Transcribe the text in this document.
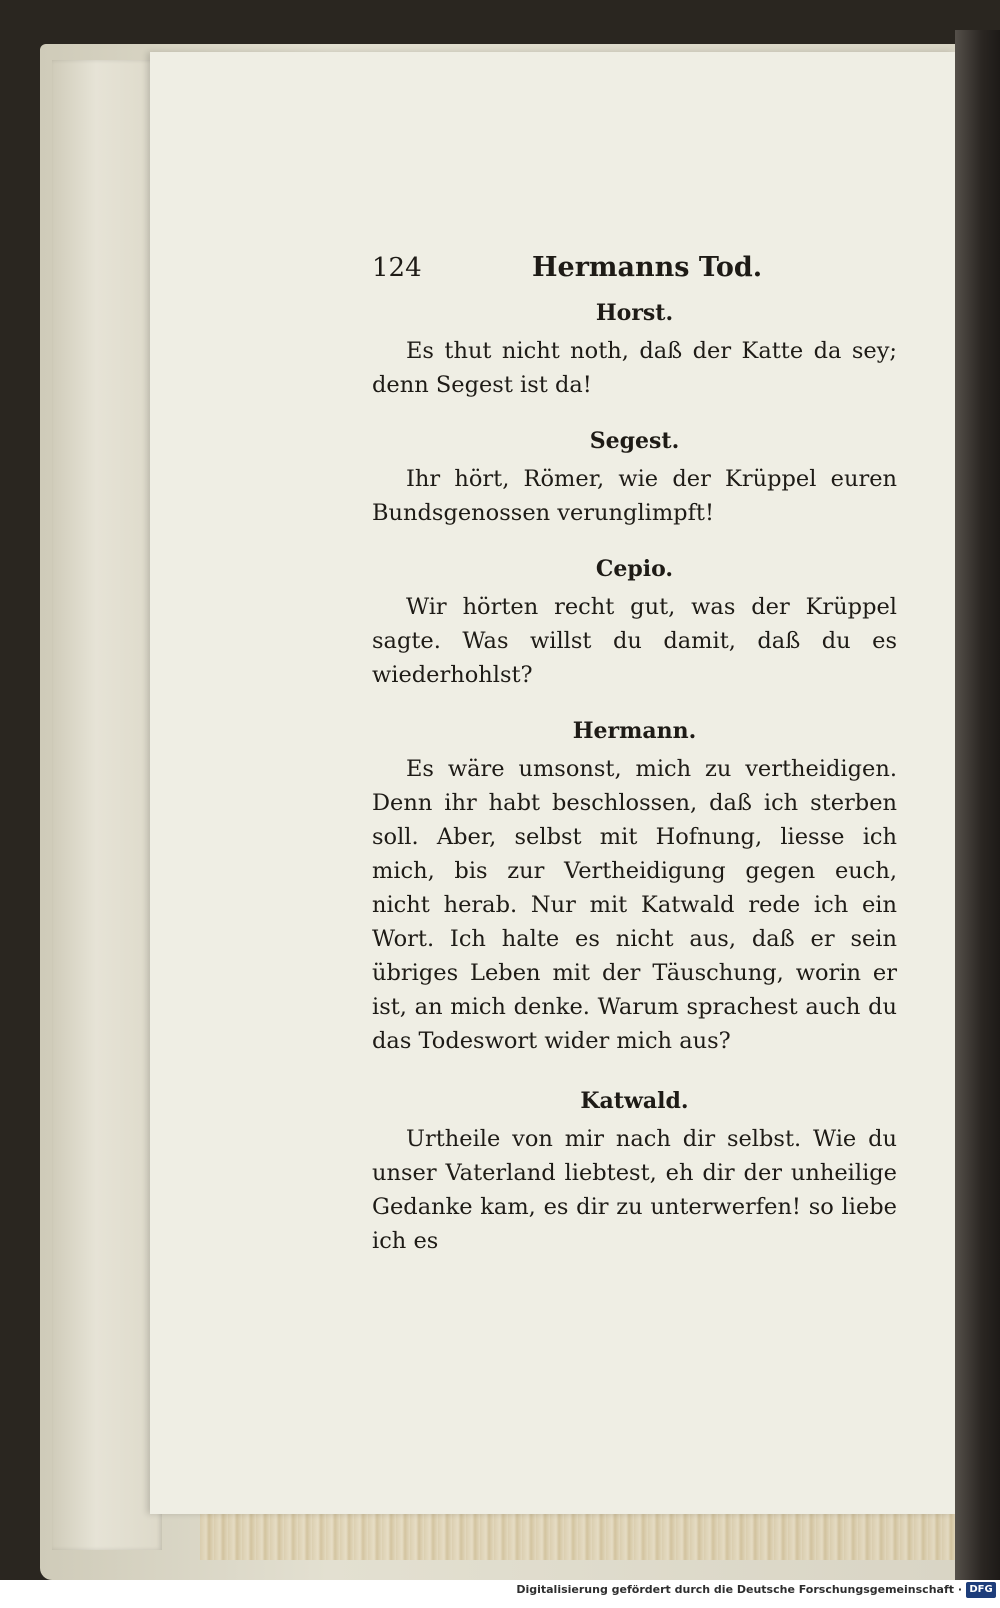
124	Hermanns Tod.

Horst.

Es thut nicht noth, daß der Katte da sey; denn Segest ist da!

Segest.

Ihr hört, Römer, wie der Krüppel euren Bundsgenossen verunglimpft!

Cepio.

Wir hörten recht gut, was der Krüppel sagte. Was willst du damit, daß du es wiederhohlst?

Hermann.

Es wäre umsonst, mich zu vertheidigen. Denn ihr habt beschlossen, daß ich sterben soll. Aber, selbst mit Hofnung, liesse ich mich, bis zur Vertheidigung gegen euch, nicht herab. Nur mit Katwald rede ich ein Wort. Ich halte es nicht aus, daß er sein übriges Leben mit der Täuschung, worin er ist, an mich denke. Warum sprachest auch du das Todeswort wider mich aus?

Katwald.

Urtheile von mir nach dir selbst. Wie du unser Vaterland liebtest, eh dir der unheilige Gedanke kam, es dir zu unterwerfen! so liebe ich es

Digitalisierung gefördert durch die Deutsche Forschungsgemeinschaft · DFG
